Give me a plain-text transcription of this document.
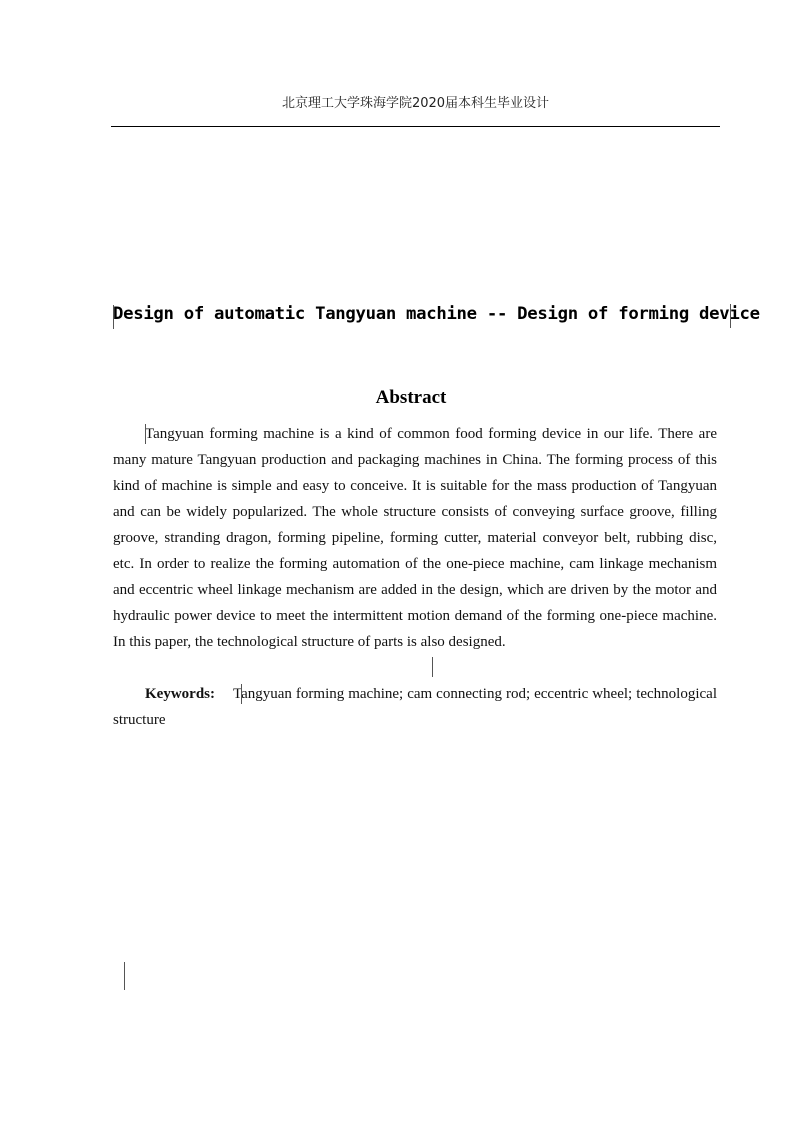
北京理工大学珠海学院2020届本科生毕业设计
Design of automatic Tangyuan machine -- Design of forming device
Abstract

Tangyuan forming machine is a kind of common food forming device in our life. There are many mature Tangyuan production and packaging machines in China. The forming process of this kind of machine is simple and easy to conceive. It is suitable for the mass production of Tangyuan and can be widely popularized. The whole structure consists of conveying surface groove, filling groove, stranding dragon, forming pipeline, forming cutter, material conveyor belt, rubbing disc, etc. In order to realize the forming automation of the one-piece machine, cam linkage mechanism and eccentric wheel linkage mechanism are added in the design, which are driven by the motor and hydraulic power device to meet the intermittent motion demand of the forming one-piece machine. In this paper, the technological structure of parts is also designed.

Keywords: Tangyuan forming machine; cam connecting rod; eccentric wheel; technological structure
